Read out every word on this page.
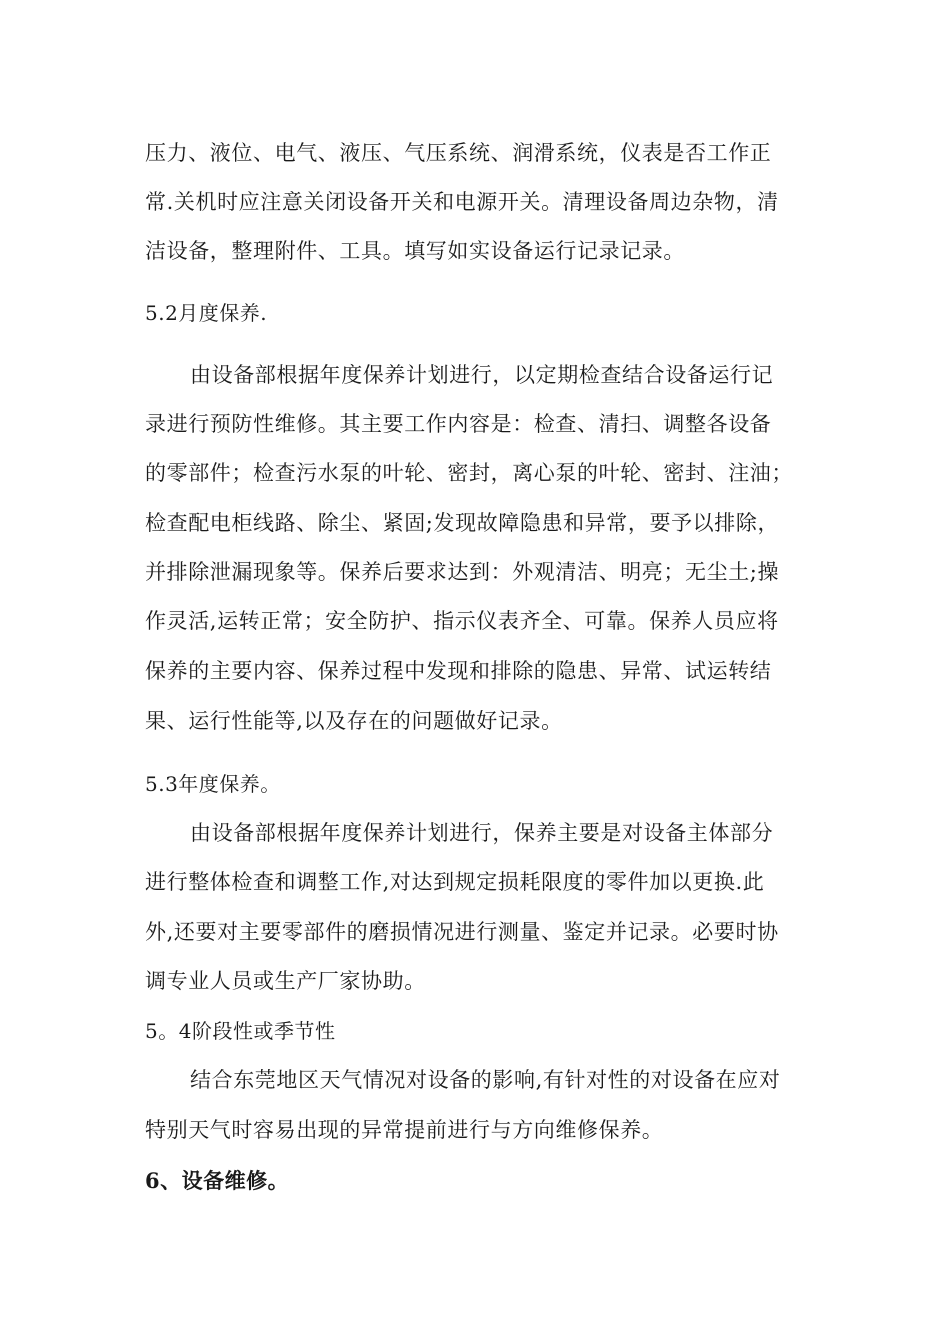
压力、液位、电气、液压、气压系统、润滑系统，仪表是否工作正

常.关机时应注意关闭设备开关和电源开关。清理设备周边杂物，清

洁设备，整理附件、工具。填写如实设备运行记录记录。

5.2月度保养.

由设备部根据年度保养计划进行，以定期检查结合设备运行记

录进行预防性维修。其主要工作内容是：检查、清扫、调整各设备

的零部件；检查污水泵的叶轮、密封，离心泵的叶轮、密封、注油；

检查配电柜线路、除尘、紧固;发现故障隐患和异常，要予以排除，

并排除泄漏现象等。保养后要求达到：外观清洁、明亮；无尘土;操

作灵活,运转正常；安全防护、指示仪表齐全、可靠。保养人员应将

保养的主要内容、保养过程中发现和排除的隐患、异常、试运转结

果、运行性能等,以及存在的问题做好记录。

5.3年度保养。

由设备部根据年度保养计划进行，保养主要是对设备主体部分

进行整体检查和调整工作,对达到规定损耗限度的零件加以更换.此

外,还要对主要零部件的磨损情况进行测量、鉴定并记录。必要时协

调专业人员或生产厂家协助。

5。4阶段性或季节性

结合东莞地区天气情况对设备的影响,有针对性的对设备在应对

特别天气时容易出现的异常提前进行与方向维修保养。

6、设备维修。
